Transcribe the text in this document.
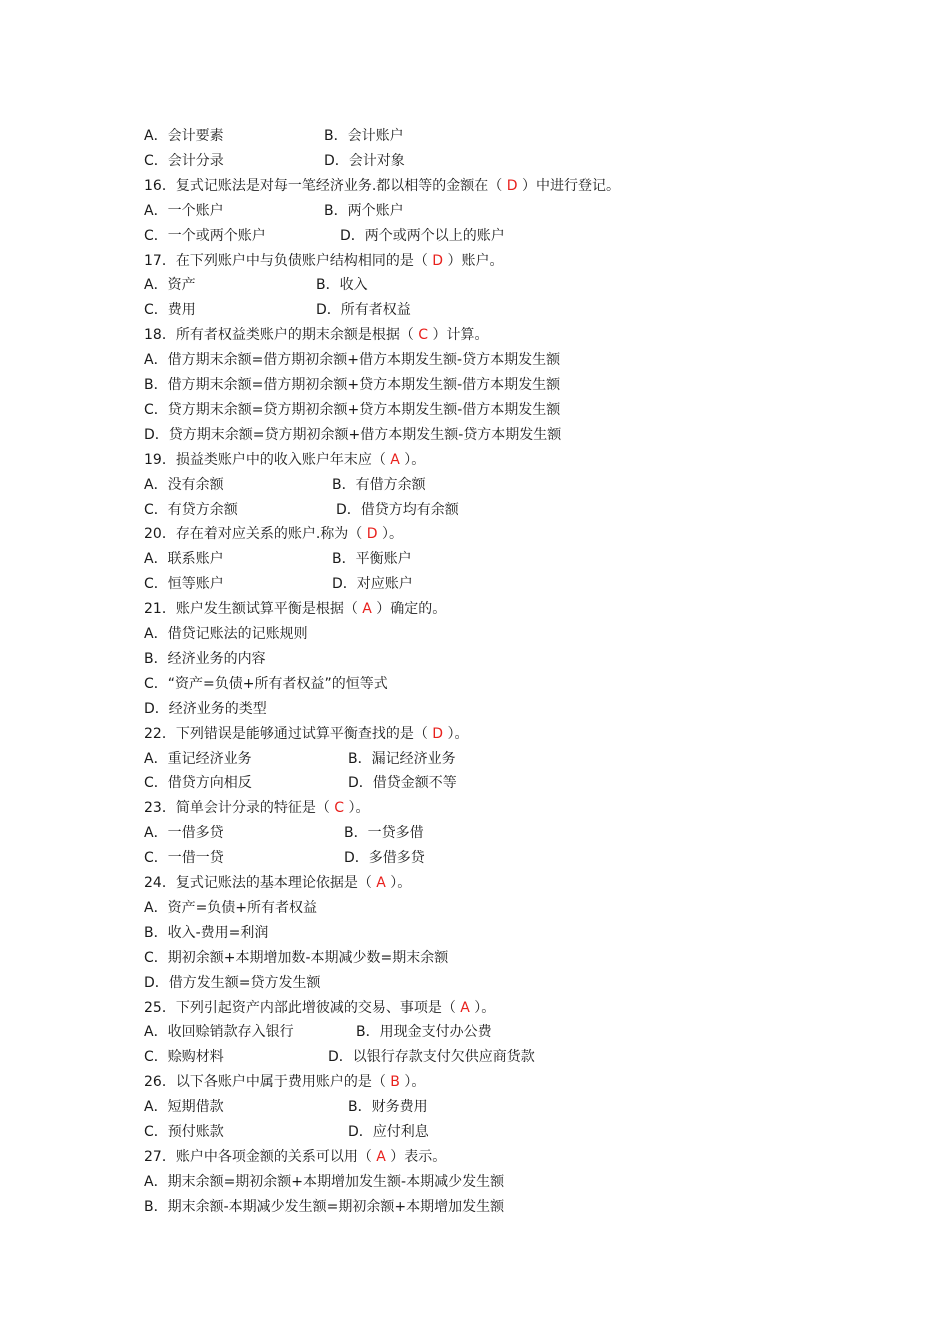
A．会计要素	B．会计账户
C．会计分录	D．会计对象
16．复式记账法是对每一笔经济业务.都以相等的金额在（ D ）中进行登记。
A．一个账户	B．两个账户
C．一个或两个账户	D．两个或两个以上的账户
17．在下列账户中与负债账户结构相同的是（ D ）账户。
A．资产	B．收入
C．费用	D．所有者权益
18．所有者权益类账户的期末余额是根据（ C ）计算。
A．借方期末余额=借方期初余额+借方本期发生额-贷方本期发生额
B．借方期末余额=借方期初余额+贷方本期发生额-借方本期发生额
C．贷方期末余额=贷方期初余额+贷方本期发生额-借方本期发生额
D．贷方期末余额=贷方期初余额+借方本期发生额-贷方本期发生额
19．损益类账户中的收入账户年末应（ A ）。
A．没有余额	B．有借方余额
C．有贷方余额	D．借贷方均有余额
20．存在着对应关系的账户.称为（ D ）。
A．联系账户	B．平衡账户
C．恒等账户	D．对应账户
21．账户发生额试算平衡是根据（ A ）确定的。
A．借贷记账法的记账规则
B．经济业务的内容
C．“资产=负债+所有者权益”的恒等式
D．经济业务的类型
22．下列错误是能够通过试算平衡查找的是（ D ）。
A．重记经济业务	B．漏记经济业务
C．借贷方向相反	D．借贷金额不等
23．简单会计分录的特征是（ C ）。
A．一借多贷	B．一贷多借
C．一借一贷	D．多借多贷
24．复式记账法的基本理论依据是（ A ）。
A．资产=负债+所有者权益
B．收入-费用=利润
C．期初余额+本期增加数-本期减少数=期末余额
D．借方发生额=贷方发生额
25．下列引起资产内部此增彼减的交易、事项是（ A ）。
A．收回赊销款存入银行	B．用现金支付办公费
C．赊购材料	D．以银行存款支付欠供应商货款
26．以下各账户中属于费用账户的是（ B ）。
A．短期借款	B．财务费用
C．预付账款	D．应付利息
27．账户中各项金额的关系可以用（ A ）表示。
A．期末余额=期初余额+本期增加发生额-本期减少发生额
B．期末余额-本期减少发生额=期初余额+本期增加发生额
